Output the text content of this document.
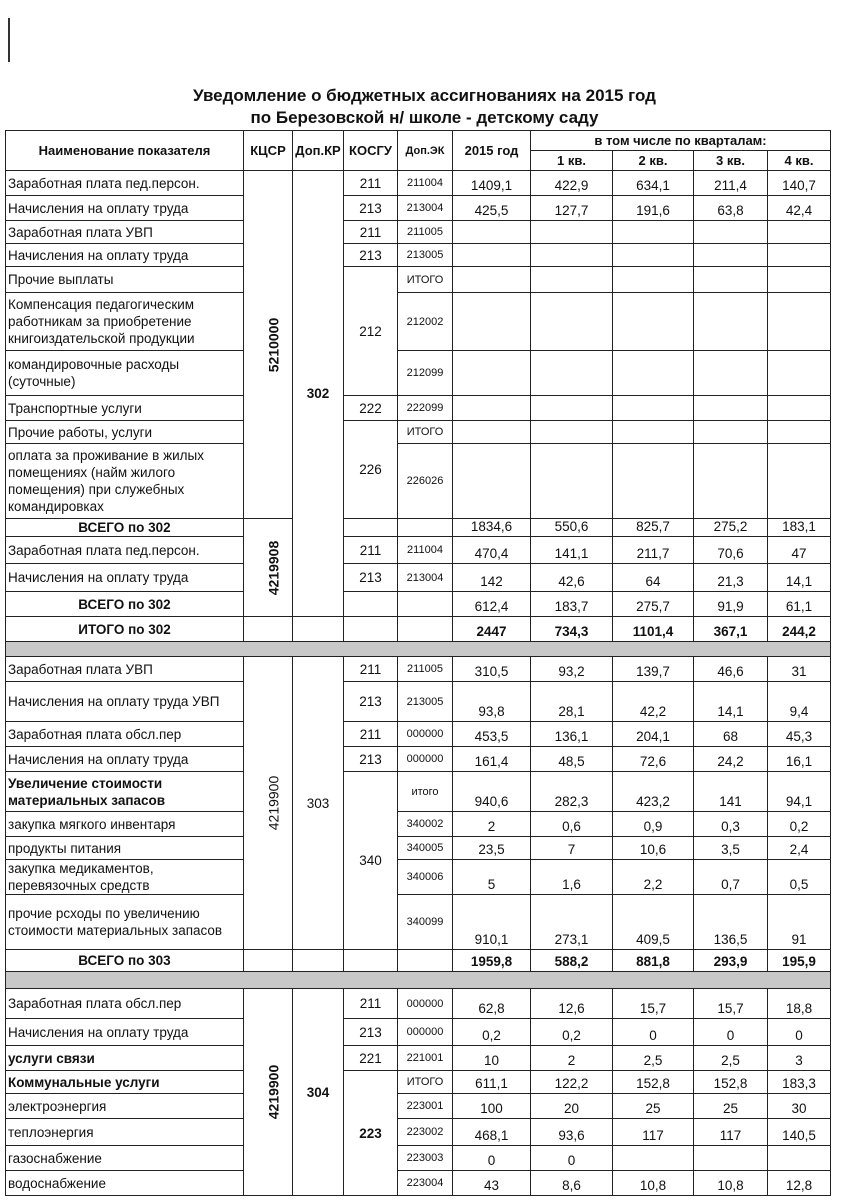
Уведомление о бюджетных ассигнованиях на 2015 год
по Березовской н/ школе - детскому саду
Наименование показателя	КЦСР	Доп.КР	КОСГУ	Доп.ЭК	2015 год	в том числе по кварталам:			
						1 кв.	2 кв.	3 кв.	4 кв.
Заработная плата пед.персон.	5210000	302	211	211004	1409,1	422,9	634,1	211,4	140,7
Начисления на оплату труда			213	213004	425,5	127,7	191,6	63,8	42,4
Заработная плата УВП			211	211005					
Начисления на оплату труда			213	213005					
Прочие выплаты			212	ИТОГО					
Компенсация педагогическим работникам за приобретение книгоиздательской продукции				212002					
командировочные расходы (суточные)				212099					
Транспортные услуги			222	222099					
Прочие работы, услуги			226	ИТОГО					
оплата за проживание в жилых помещениях (найм жилого помещения) при служебных командировках				226026					
ВСЕГО по 302	4219908				1834,6	550,6	825,7	275,2	183,1
Заработная плата пед.персон.			211	211004	470,4	141,1	211,7	70,6	47
Начисления на оплату труда			213	213004	142	42,6	64	21,3	14,1
ВСЕГО по 302					612,4	183,7	275,7	91,9	61,1
ИТОГО по 302					2447	734,3	1101,4	367,1	244,2

Заработная плата УВП	4219900	303	211	211005	310,5	93,2	139,7	46,6	31
Начисления на оплату труда УВП			213	213005	93,8	28,1	42,2	14,1	9,4
Заработная плата обсл.пер			211	000000	453,5	136,1	204,1	68	45,3
Начисления на оплату труда			213	000000	161,4	48,5	72,6	24,2	16,1
Увеличение стоимости материальных запасов			340	итого	940,6	282,3	423,2	141	94,1
закупка мягкого инвентаря				340002	2	0,6	0,9	0,3	0,2
продукты питания				340005	23,5	7	10,6	3,5	2,4
закупка медикаментов, перевязочных средств				340006	5	1,6	2,2	0,7	0,5
прочие рсходы по увеличению стоимости материальных запасов				340099	910,1	273,1	409,5	136,5	91
ВСЕГО по 303					1959,8	588,2	881,8	293,9	195,9

Заработная плата обсл.пер	4219900	304	211	000000	62,8	12,6	15,7	15,7	18,8
Начисления на оплату труда			213	000000	0,2	0,2	0	0	0
услуги связи			221	221001	10	2	2,5	2,5	3
Коммунальные услуги			223	ИТОГО	611,1	122,2	152,8	152,8	183,3
электроэнергия				223001	100	20	25	25	30
теплоэнергия				223002	468,1	93,6	117	117	140,5
газоснабжение				223003	0	0			
водоснабжение				223004	43	8,6	10,8	10,8	12,8
